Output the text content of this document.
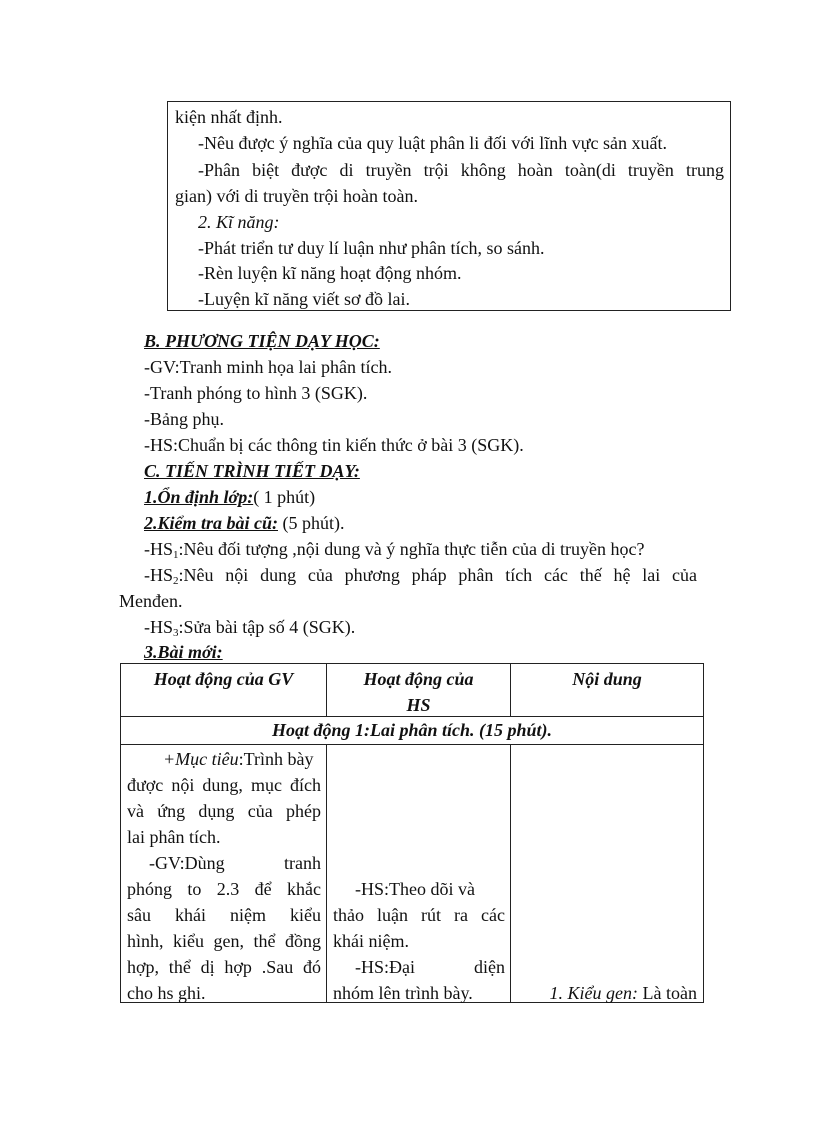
kiện nhất định.
-Nêu được ý nghĩa của quy luật phân li đối với lĩnh vực sản xuất.
-Phân biệt được di truyền trội không hoàn toàn(di truyền trung
gian) với di truyền trội hoàn toàn.
2. Kĩ năng:
-Phát triển tư duy lí luận như phân tích, so sánh.
-Rèn luyện kĩ năng hoạt động nhóm.
-Luyện kĩ năng viết sơ đồ lai.
B. PHƯƠNG TIỆN DẠY HỌC:
-GV:Tranh minh họa lai phân tích.
-Tranh phóng to hình 3 (SGK).
-Bảng phụ.
-HS:Chuẩn bị các thông tin kiến thức ở bài 3 (SGK).
C. TIẾN TRÌNH TIẾT DẠY:
1.Ổn định lớp:( 1 phút)
2.Kiểm tra bài cũ: (5 phút).
$-HS_1:Nêu$ đối tượng ,nội dung và ý nghĩa thực tiễn của di truyền học?
$-HS_2:Nêu$ nội dung của phương pháp phân tích các thế hệ lai của
Menđen.
$-HS_3:Sửa$ bài tập số 4 (SGK).
3.Bài mới:
Hoạt động của GV	Hoạt động của
HS
Nội dung
Hoạt động 1:Lai phân tích. (15 phút).
+Mục tiêu:Trình bày
được nội dung, mục đích
và ứng dụng của phép
lai phân tích.
-GV:Dùng tranh
phóng to 2.3 để khắc
sâu khái niệm kiểu
hình, kiểu gen, thể đồng
hợp, thể dị hợp .Sau đó
cho hs ghi.
-HS:Theo dõi và
thảo luận rút ra các
khái niệm.
-HS:Đại diện
nhóm lên trình bày.	1. Kiểu gen: Là toàn
